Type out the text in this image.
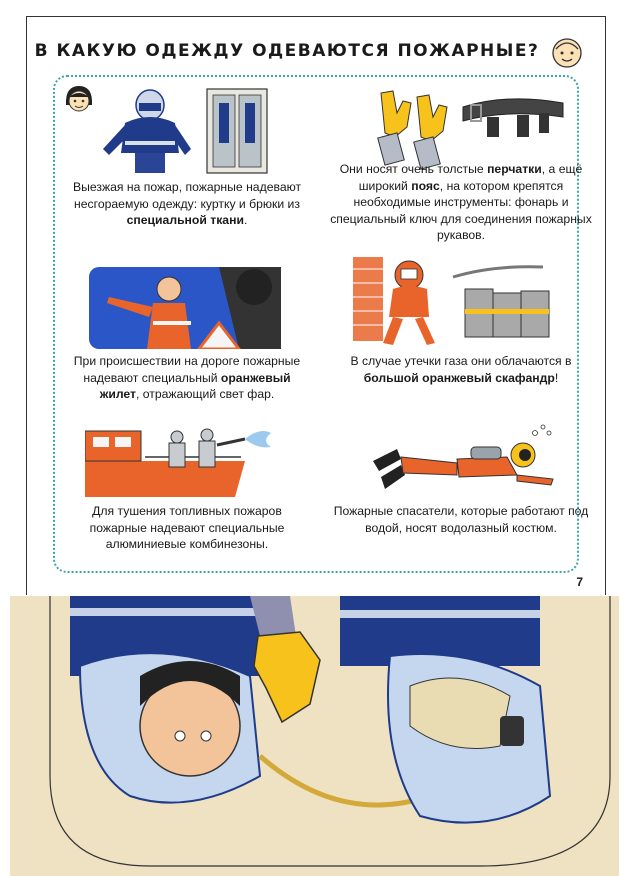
В КАКУЮ ОДЕЖДУ ОДЕВАЮТСЯ ПОЖАРНЫЕ?
Выезжая на пожар, пожарные надевают несгораемую одежду: куртку и брюки из специальной ткани.
Они носят очень толстые перчатки, а ещё широкий пояс, на котором крепятся необходимые инструменты: фонарь и специальный ключ для соединения пожарных рукавов.
При происшествии на дороге пожарные надевают специальный оранжевый жилет, отражающий свет фар.
В случае утечки газа они облачаются в большой оранжевый скафандр!
Для тушения топливных пожаров пожарные надевают специальные алюминиевые комбинезоны.
Пожарные спасатели, которые работают под водой, носят водолазный костюм.
7
